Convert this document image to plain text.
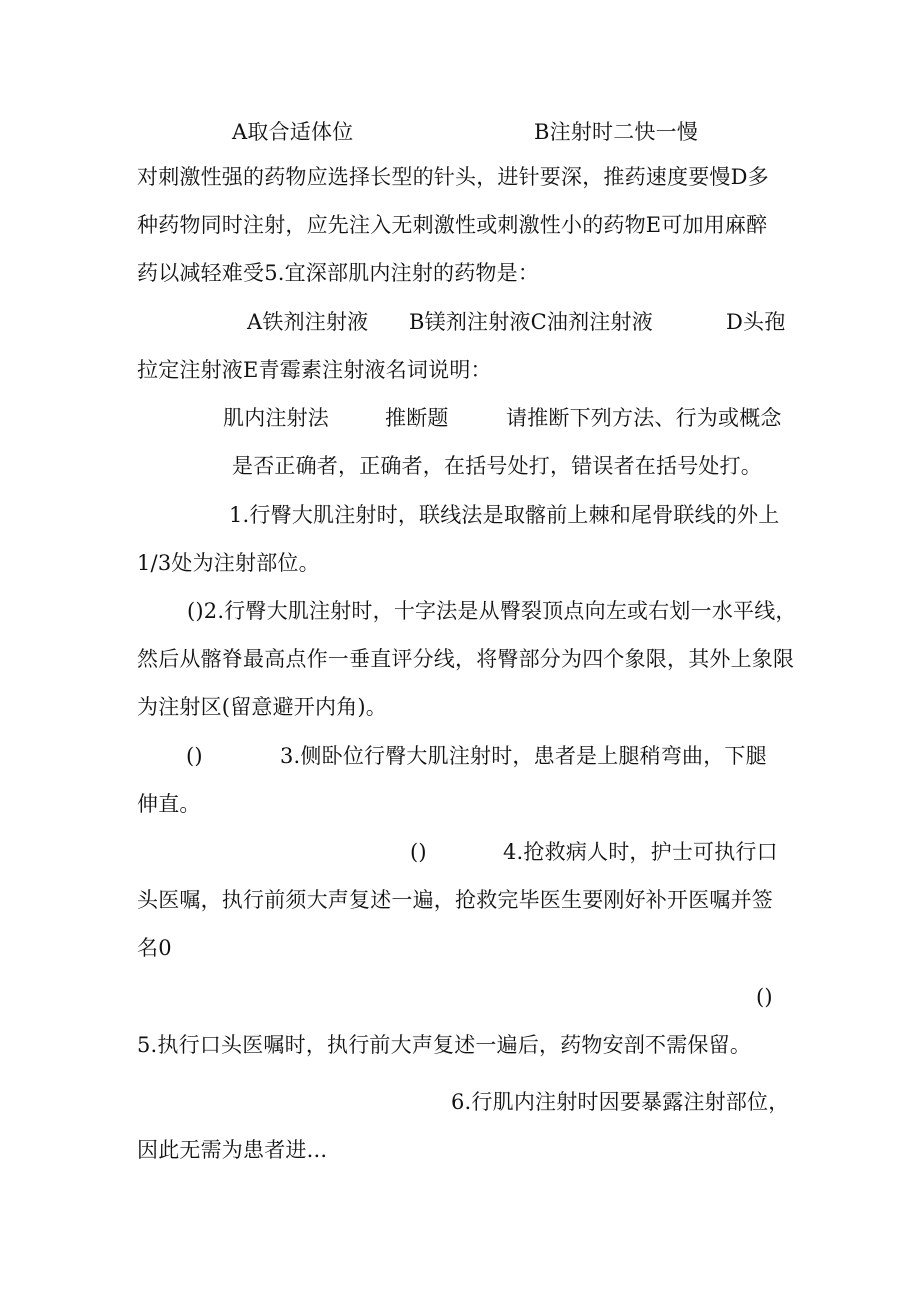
A取合适体位	B注射时二快一慢
对刺激性强的药物应选择长型的针头，进针要深，推药速度要慢D多
种药物同时注射，应先注入无刺激性或刺激性小的药物E可加用麻醉
药以减轻难受5.宜深部肌内注射的药物是：
A铁剂注射液 B镁剂注射液C油剂注射液	D头孢
拉定注射液E青霉素注射液名词说明：
肌内注射法	推断题	请推断下列方法、行为或概念
是否正确者，正确者，在括号处打，错误者在括号处打。
1.行臀大肌注射时，联线法是取髂前上棘和尾骨联线的外上
1/3处为注射部位。
()2.行臀大肌注射时，十字法是从臀裂顶点向左或右划一水平线，
然后从髂脊最高点作一垂直评分线，将臀部分为四个象限，其外上象限
为注射区(留意避开内角)。
()	3.侧卧位行臀大肌注射时，患者是上腿稍弯曲，下腿
伸直。
()	4.抢救病人时，护士可执行口
头医嘱，执行前须大声复述一遍，抢救完毕医生要刚好补开医嘱并签
名0
()
5.执行口头医嘱时，执行前大声复述一遍后，药物安剖不需保留。
6.行肌内注射时因要暴露注射部位，
因此无需为患者进...
